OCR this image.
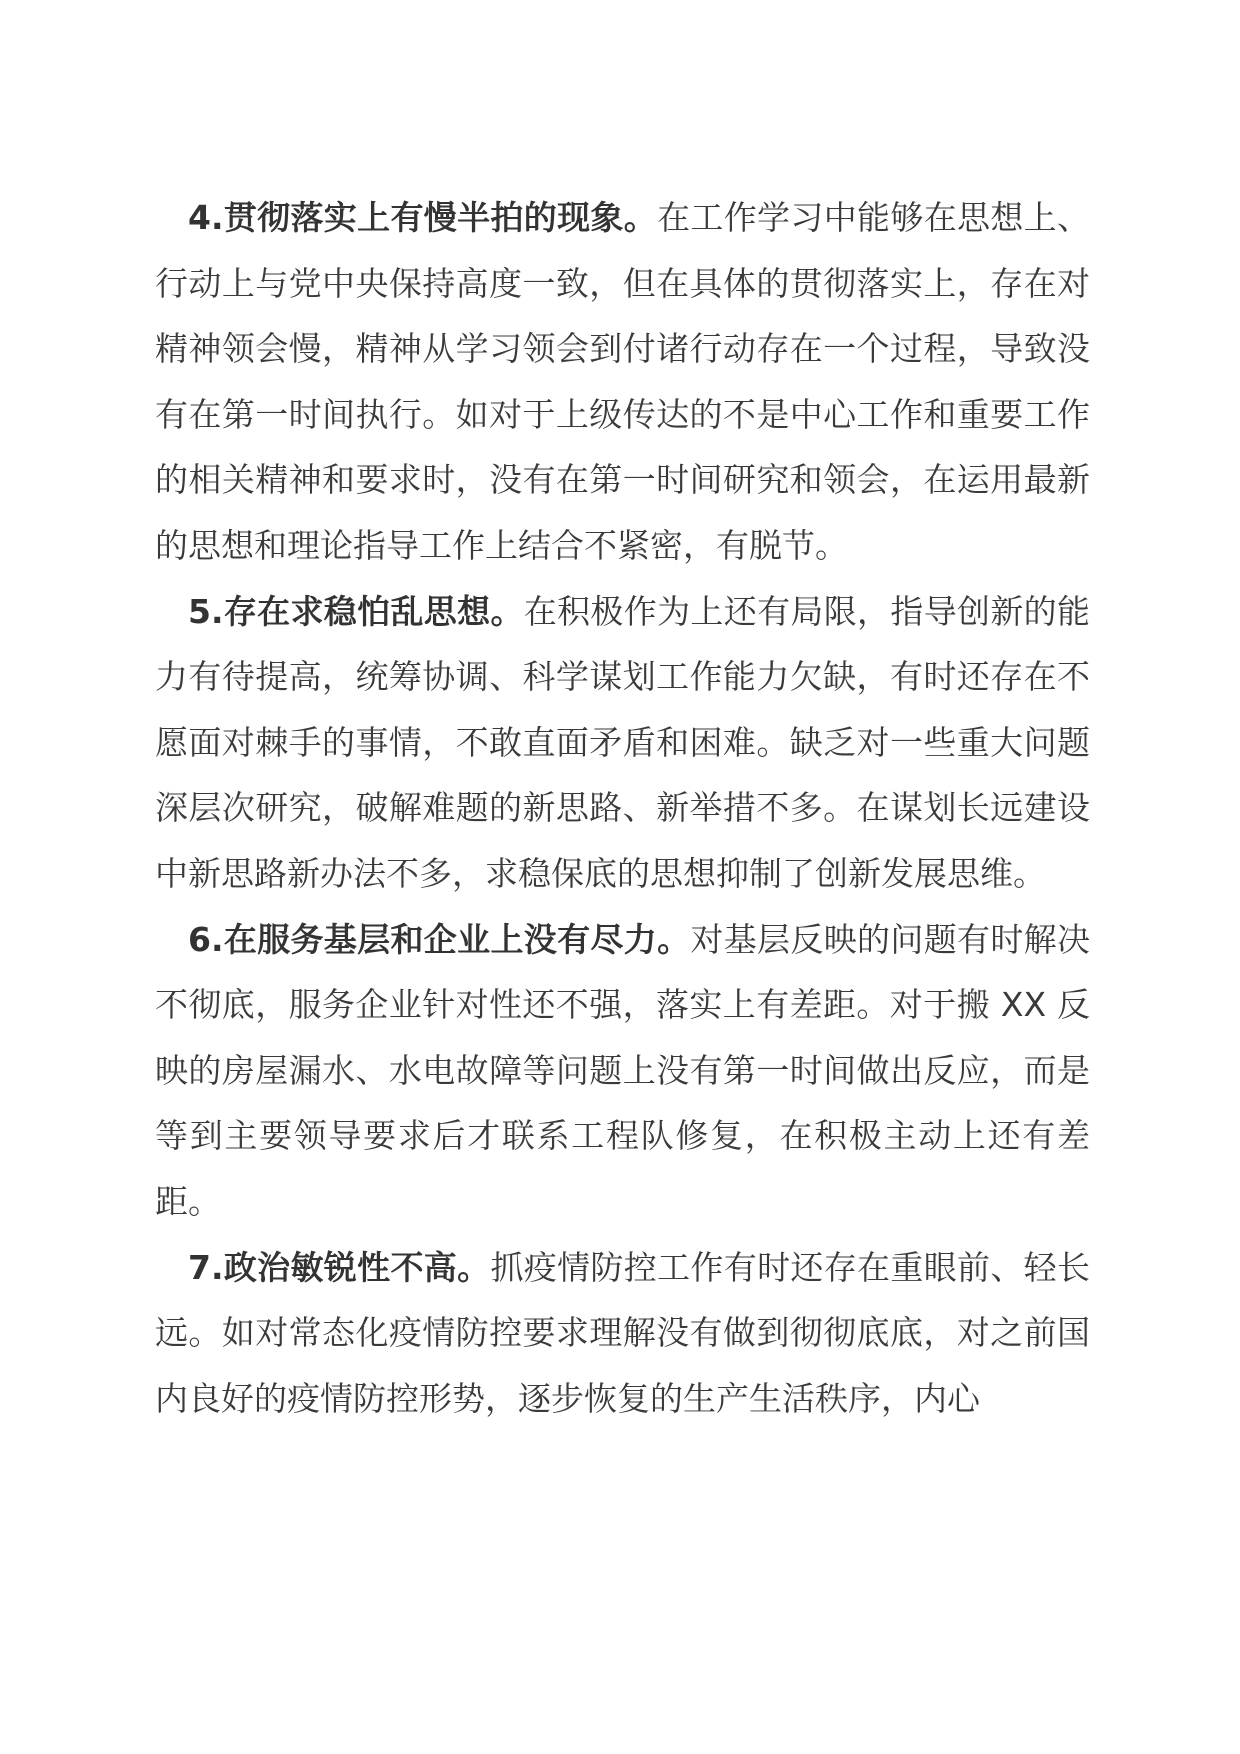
4.贯彻落实上有慢半拍的现象。在工作学习中能够在思想上、行动上与党中央保持高度一致，但在具体的贯彻落实上，存在对精神领会慢，精神从学习领会到付诸行动存在一个过程，导致没有在第一时间执行。如对于上级传达的不是中心工作和重要工作的相关精神和要求时，没有在第一时间研究和领会，在运用最新的思想和理论指导工作上结合不紧密，有脱节。

5.存在求稳怕乱思想。在积极作为上还有局限，指导创新的能力有待提高，统筹协调、科学谋划工作能力欠缺，有时还存在不愿面对棘手的事情，不敢直面矛盾和困难。缺乏对一些重大问题深层次研究，破解难题的新思路、新举措不多。在谋划长远建设中新思路新办法不多，求稳保底的思想抑制了创新发展思维。

6.在服务基层和企业上没有尽力。对基层反映的问题有时解决不彻底，服务企业针对性还不强，落实上有差距。对于搬 XX 反映的房屋漏水、水电故障等问题上没有第一时间做出反应，而是等到主要领导要求后才联系工程队修复，在积极主动上还有差距。

7.政治敏锐性不高。抓疫情防控工作有时还存在重眼前、轻长远。如对常态化疫情防控要求理解没有做到彻彻底底，对之前国内良好的疫情防控形势，逐步恢复的生产生活秩序，内心
